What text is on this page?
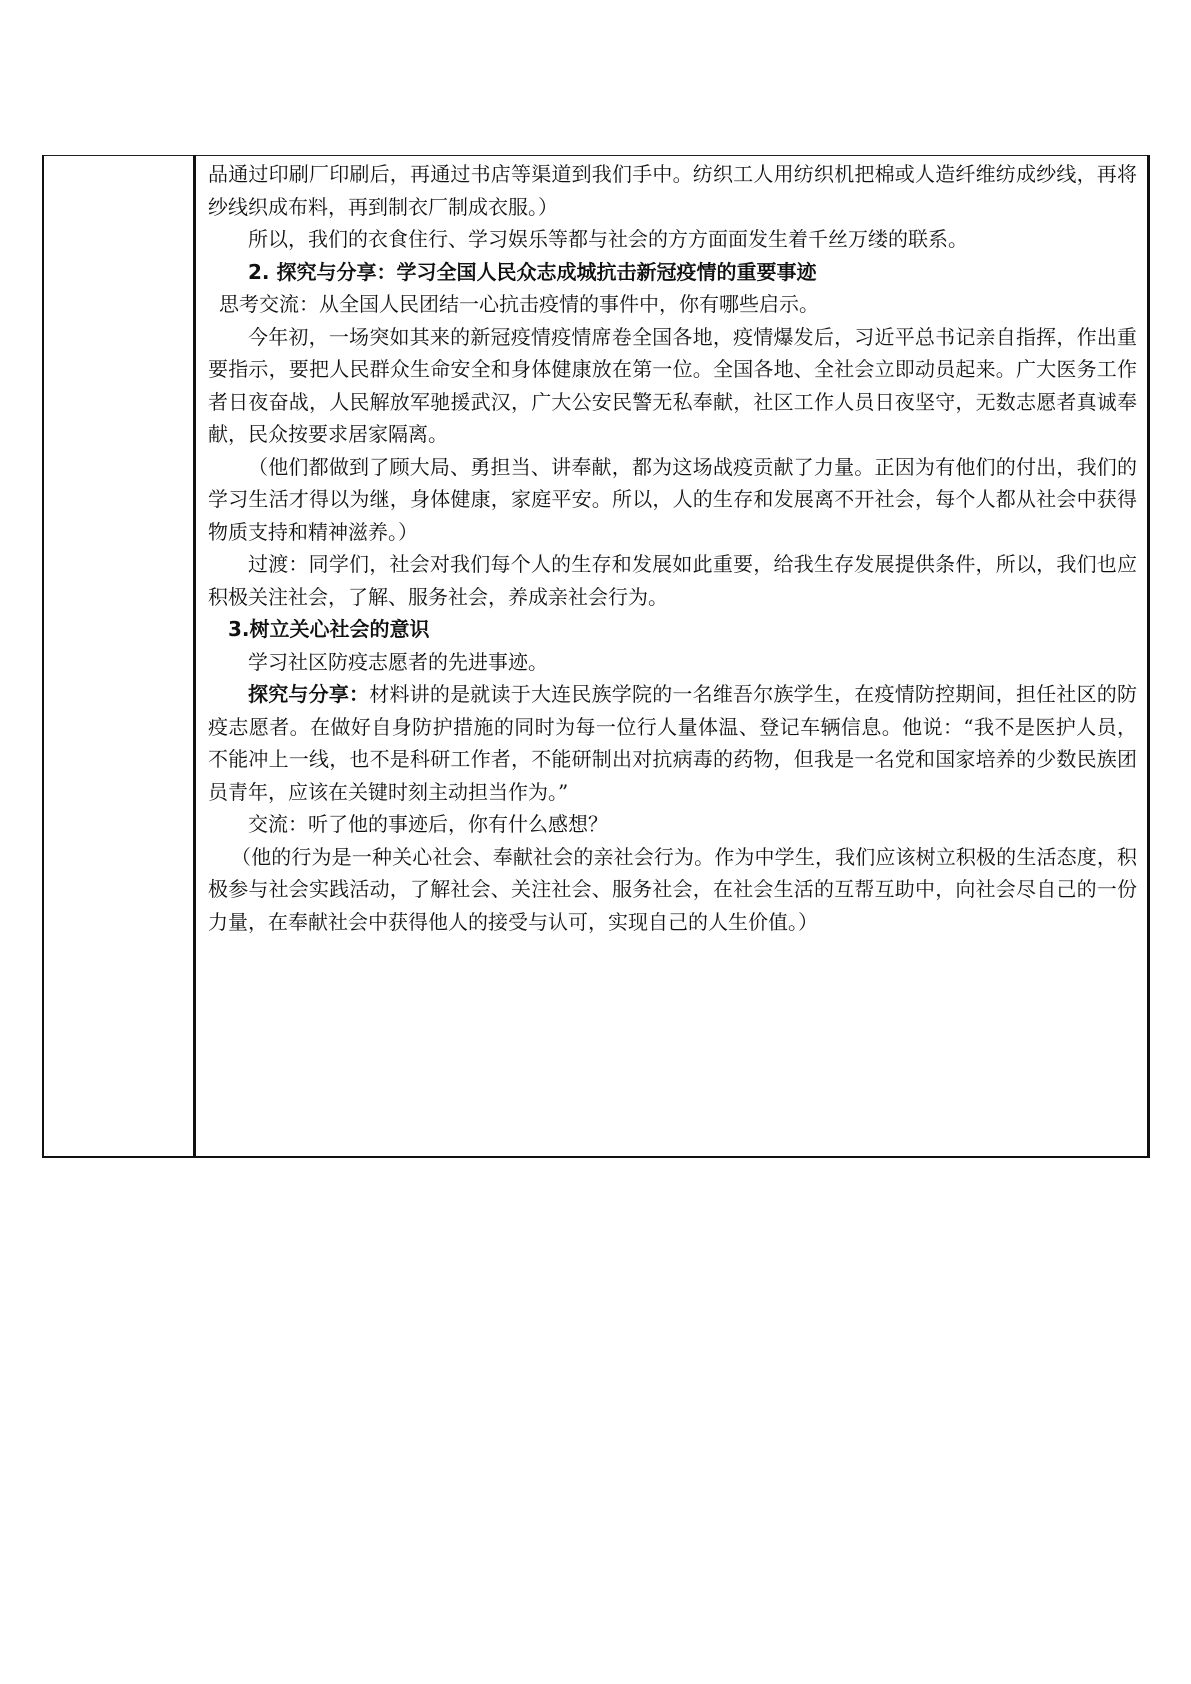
品通过印刷厂印刷后，再通过书店等渠道到我们手中。纺织工人用纺织机把棉或人造纤维纺成纱线，再将纱线织成布料，再到制衣厂制成衣服。）

所以，我们的衣食住行、学习娱乐等都与社会的方方面面发生着千丝万缕的联系。

2. 探究与分享：学习全国人民众志成城抗击新冠疫情的重要事迹

思考交流：从全国人民团结一心抗击疫情的事件中，你有哪些启示。

今年初，一场突如其来的新冠疫情疫情席卷全国各地，疫情爆发后，习近平总书记亲自指挥，作出重要指示，要把人民群众生命安全和身体健康放在第一位。全国各地、全社会立即动员起来。广大医务工作者日夜奋战，人民解放军驰援武汉，广大公安民警无私奉献，社区工作人员日夜坚守，无数志愿者真诚奉献，民众按要求居家隔离。

（他们都做到了顾大局、勇担当、讲奉献，都为这场战疫贡献了力量。正因为有他们的付出，我们的学习生活才得以为继，身体健康，家庭平安。所以，人的生存和发展离不开社会，每个人都从社会中获得物质支持和精神滋养。）

过渡：同学们，社会对我们每个人的生存和发展如此重要，给我生存发展提供条件，所以，我们也应积极关注社会，了解、服务社会，养成亲社会行为。

3.树立关心社会的意识

学习社区防疫志愿者的先进事迹。

探究与分享：材料讲的是就读于大连民族学院的一名维吾尔族学生，在疫情防控期间，担任社区的防疫志愿者。在做好自身防护措施的同时为每一位行人量体温、登记车辆信息。他说：“我不是医护人员，不能冲上一线，也不是科研工作者，不能研制出对抗病毒的药物，但我是一名党和国家培养的少数民族团员青年，应该在关键时刻主动担当作为。”

交流：听了他的事迹后，你有什么感想？

（他的行为是一种关心社会、奉献社会的亲社会行为。作为中学生，我们应该树立积极的生活态度，积极参与社会实践活动，了解社会、关注社会、服务社会，在社会生活的互帮互助中，向社会尽自己的一份力量，在奉献社会中获得他人的接受与认可，实现自己的人生价值。）
